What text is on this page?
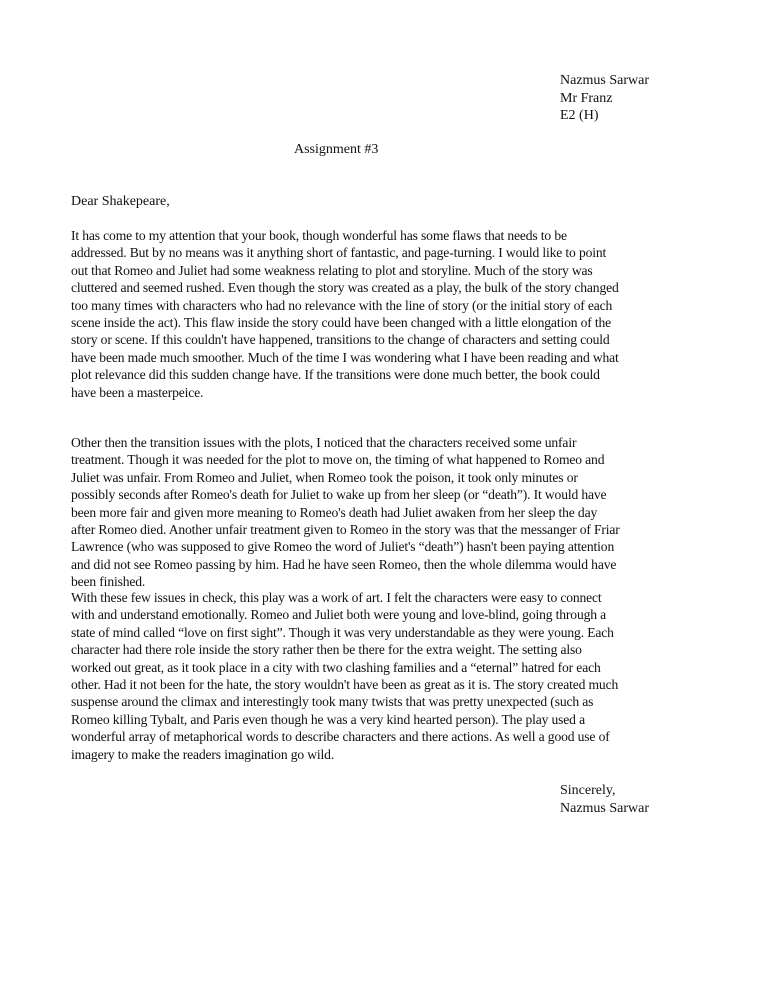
Nazmus Sarwar
Mr Franz
E2 (H)
Assignment #3
Dear Shakepeare,
It has come to my attention that your book, though wonderful has some flaws that needs to be
addressed. But by no means was it anything short of fantastic, and page-turning. I would like to point
out that Romeo and Juliet had some weakness relating to plot and storyline. Much of the story was
cluttered and seemed rushed. Even though the story was created as a play, the bulk of the story changed
too many times with characters who had no relevance with the line of story (or the initial story of each
scene inside the act). This flaw inside the story could have been changed with a little elongation of the
story or scene. If this couldn't have happened, transitions to the change of characters and setting could
have been made much smoother. Much of the time I was wondering what I have been reading and what
plot relevance did this sudden change have. If the transitions were done much better, the book could
have been a masterpeice.
Other then the transition issues with the plots, I noticed that the characters received some unfair
treatment. Though it was needed for the plot to move on, the timing of what happened to Romeo and
Juliet was unfair. From Romeo and Juliet, when Romeo took the poison, it took only minutes or
possibly seconds after Romeo's death for Juliet to wake up from her sleep (or “death”). It would have
been more fair and given more meaning to Romeo's death had Juliet awaken from her sleep the day
after Romeo died. Another unfair treatment given to Romeo in the story was that the messanger of Friar
Lawrence (who was supposed to give Romeo the word of Juliet's “death”) hasn't been paying attention
and did not see Romeo passing by him. Had he have seen Romeo, then the whole dilemma would have
been finished.
With these few issues in check, this play was a work of art. I felt the characters were easy to connect
with and understand emotionally. Romeo and Juliet both were young and love-blind, going through a
state of mind called “love on first sight”. Though it was very understandable as they were young. Each
character had there role inside the story rather then be there for the extra weight. The setting also
worked out great, as it took place in a city with two clashing families and a “eternal” hatred for each
other. Had it not been for the hate, the story wouldn't have been as great as it is. The story created much
suspense around the climax and interestingly took many twists that was pretty unexpected (such as
Romeo killing Tybalt, and Paris even though he was a very kind hearted person). The play used a
wonderful array of metaphorical words to describe characters and there actions. As well a good use of
imagery to make the readers imagination go wild.
Sincerely,
Nazmus Sarwar
